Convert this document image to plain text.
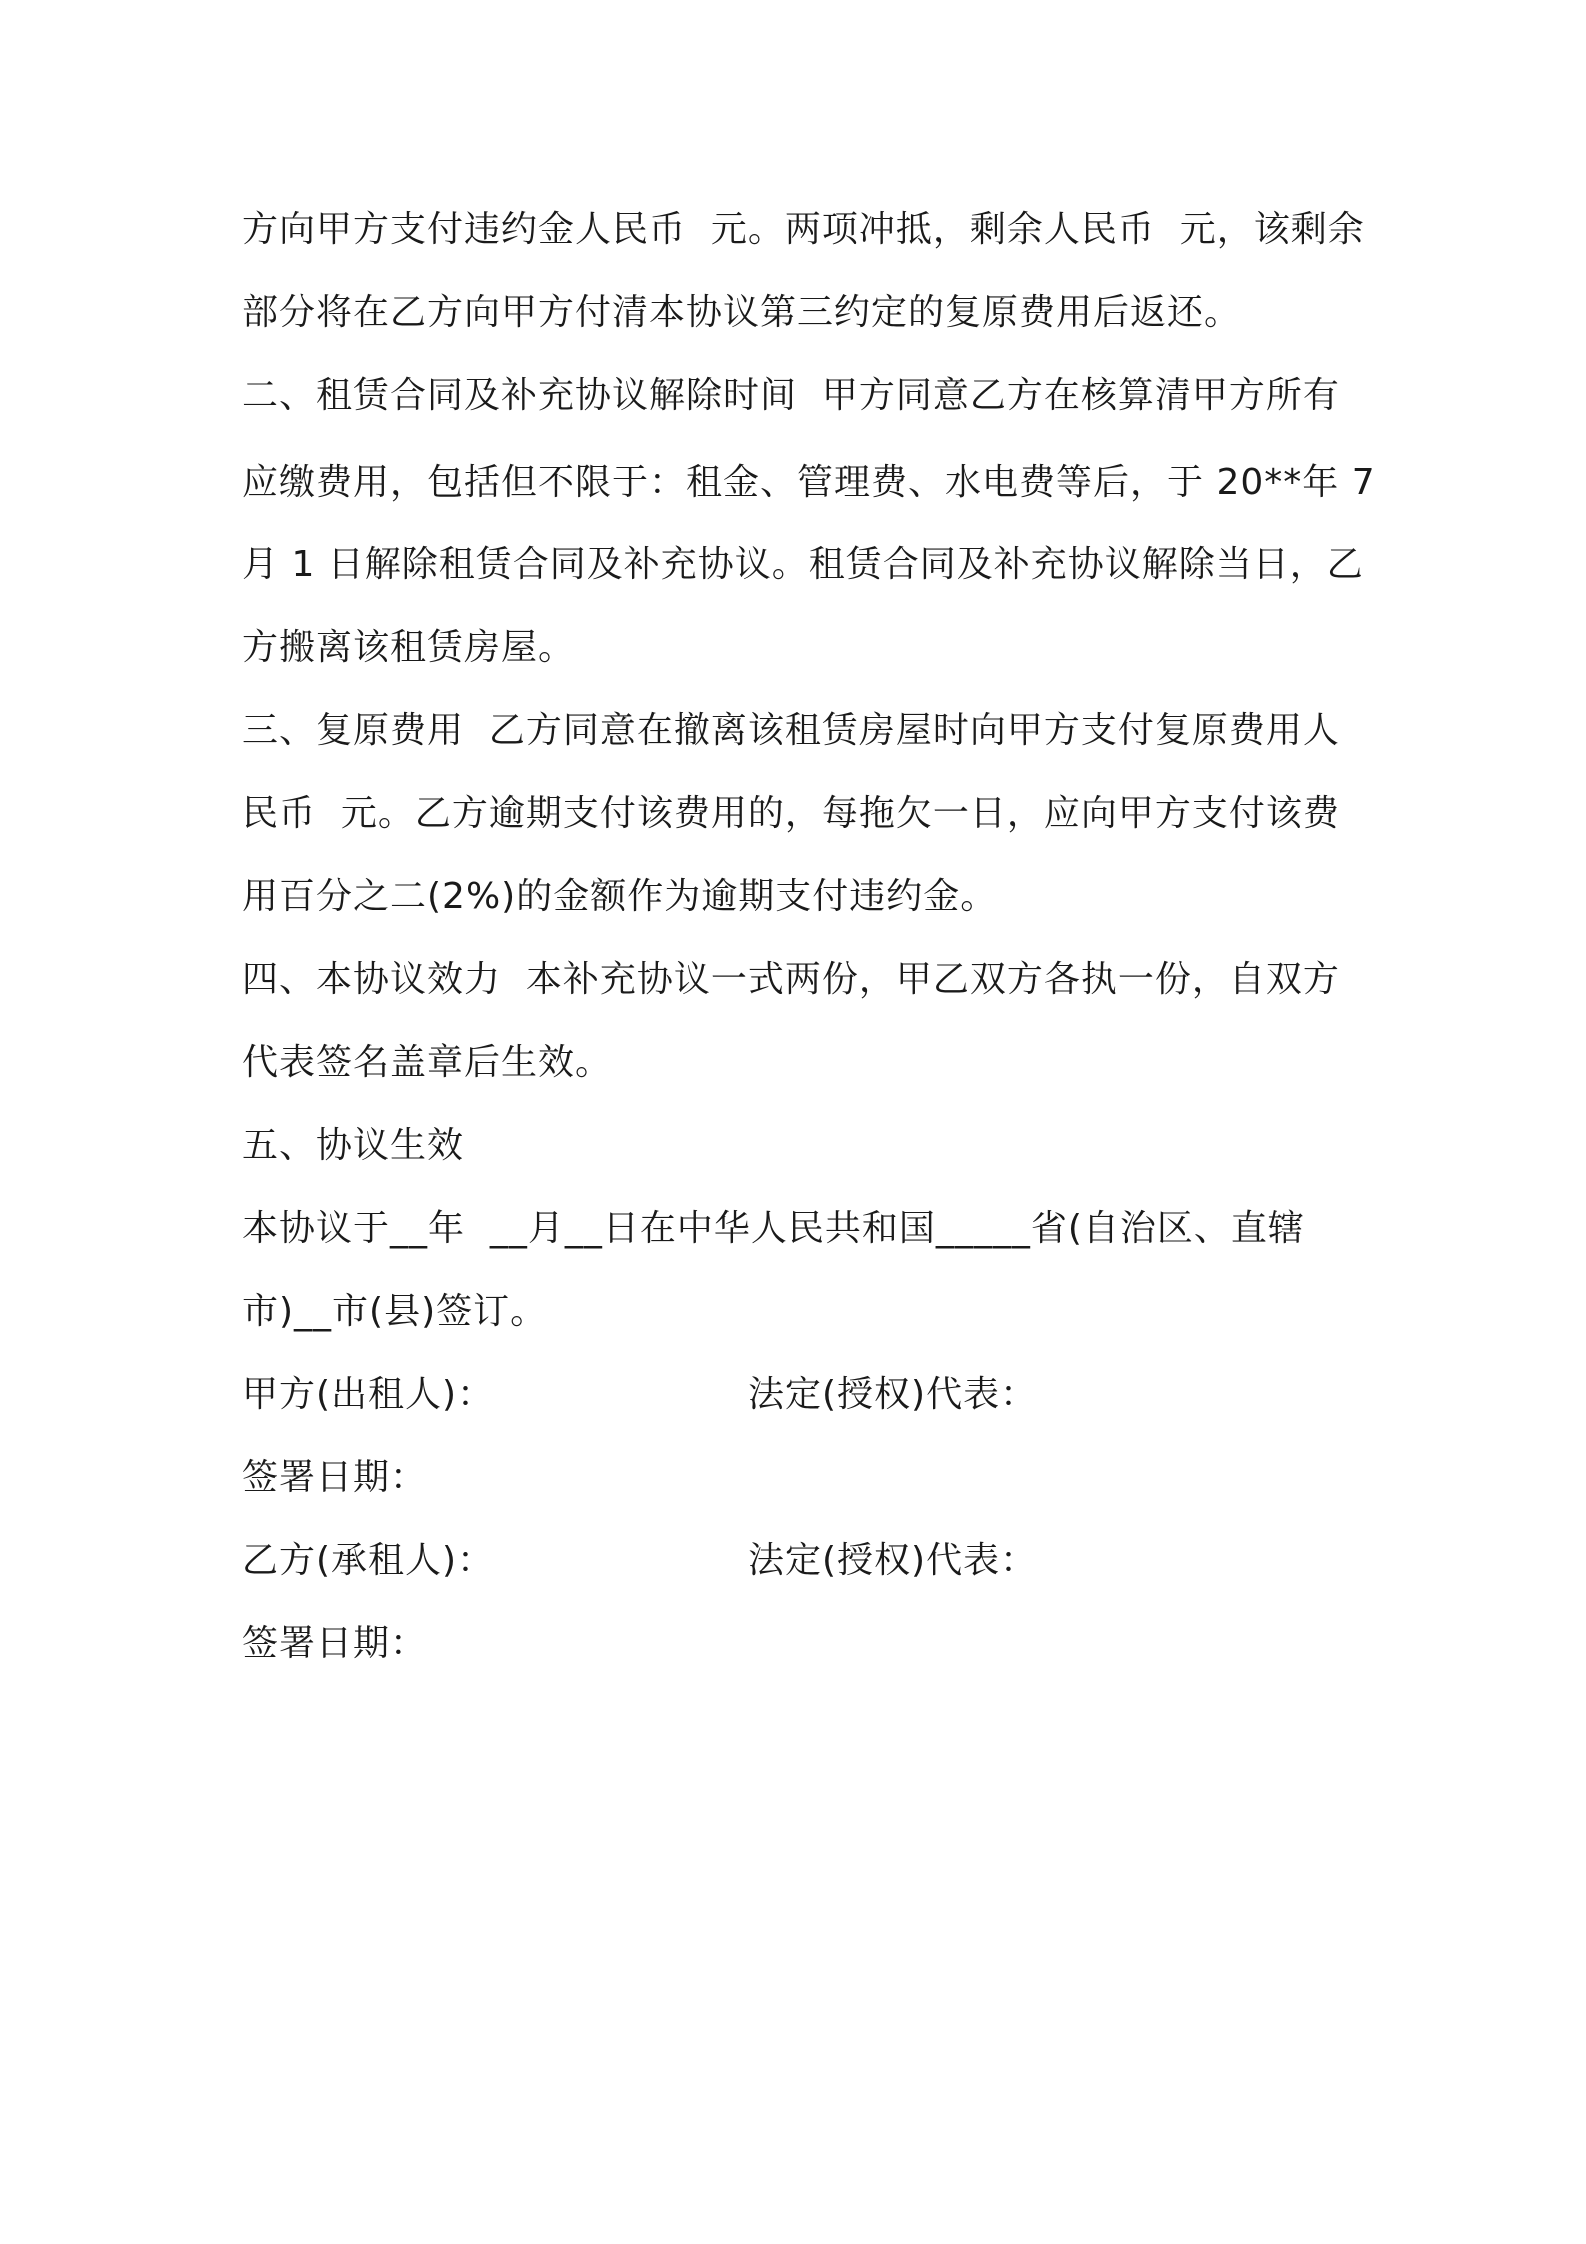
方向甲方支付违约金人民币  元。两项冲抵，剩余人民币  元，该剩余
部分将在乙方向甲方付清本协议第三约定的复原费用后返还。
二、租赁合同及补充协议解除时间  甲方同意乙方在核算清甲方所有
应缴费用，包括但不限于：租金、管理费、水电费等后，于 20**年 7
月 1 日解除租赁合同及补充协议。租赁合同及补充协议解除当日，乙
方搬离该租赁房屋。
三、复原费用  乙方同意在撤离该租赁房屋时向甲方支付复原费用人
民币  元。乙方逾期支付该费用的，每拖欠一日，应向甲方支付该费
用百分之二(2%)的金额作为逾期支付违约金。
四、本协议效力  本补充协议一式两份，甲乙双方各执一份，自双方
代表签名盖章后生效。
五、协议生效
本协议于__年  __月__日在中华人民共和国_____省(自治区、直辖
市)__市(县)签订。
甲方(出租人)：	法定(授权)代表：
签署日期：
乙方(承租人)：	法定(授权)代表：
签署日期：
